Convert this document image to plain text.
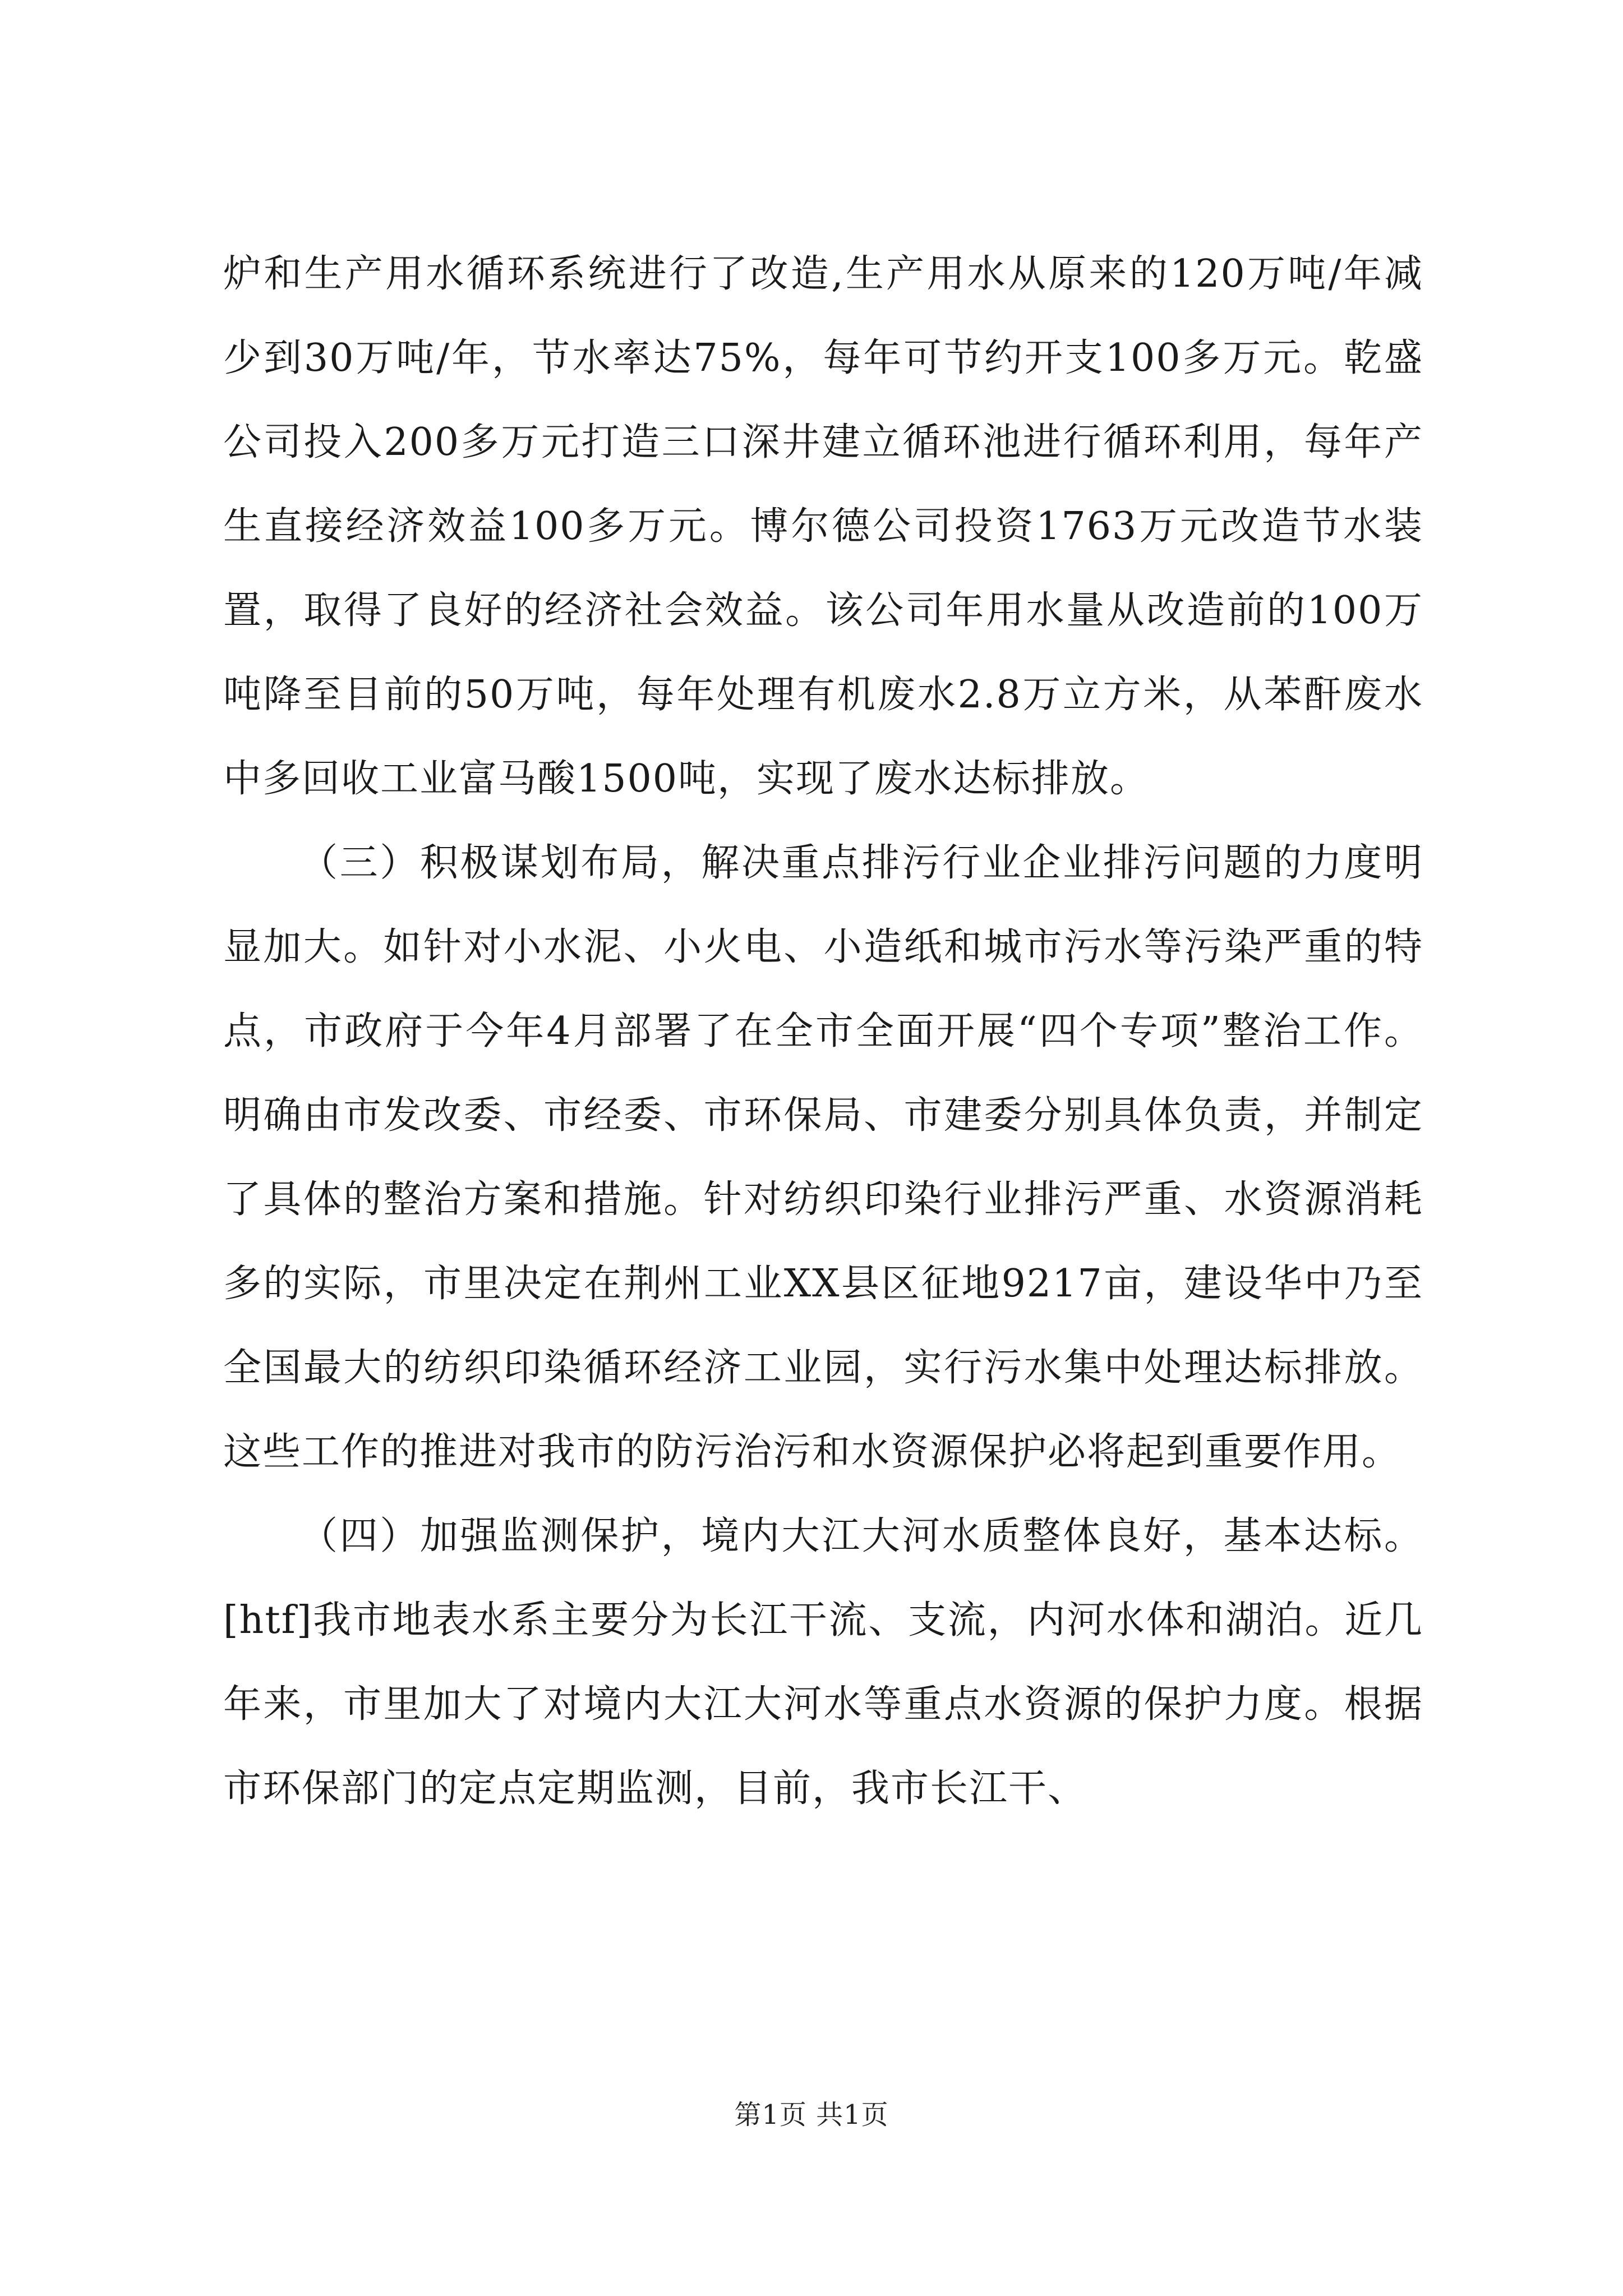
炉和生产用水循环系统进行了改造,生产用水从原来的120万吨/年减少到30万吨/年，节水率达75%，每年可节约开支100多万元。乾盛公司投入200多万元打造三口深井建立循环池进行循环利用，每年产生直接经济效益100多万元。博尔德公司投资1763万元改造节水装置，取得了良好的经济社会效益。该公司年用水量从改造前的100万吨降至目前的50万吨，每年处理有机废水2.8万立方米，从苯酐废水中多回收工业富马酸1500吨，实现了废水达标排放。

（三）积极谋划布局，解决重点排污行业企业排污问题的力度明显加大。如针对小水泥、小火电、小造纸和城市污水等污染严重的特点，市政府于今年4月部署了在全市全面开展“四个专项”整治工作。明确由市发改委、市经委、市环保局、市建委分别具体负责，并制定了具体的整治方案和措施。针对纺织印染行业排污严重、水资源消耗多的实际，市里决定在荆州工业XX县区征地9217亩，建设华中乃至全国最大的纺织印染循环经济工业园，实行污水集中处理达标排放。这些工作的推进对我市的防污治污和水资源保护必将起到重要作用。

（四）加强监测保护，境内大江大河水质整体良好，基本达标。[htf]我市地表水系主要分为长江干流、支流，内河水体和湖泊。近几年来，市里加大了对境内大江大河水等重点水资源的保护力度。根据市环保部门的定点定期监测，目前，我市长江干、

第1页 共1页
